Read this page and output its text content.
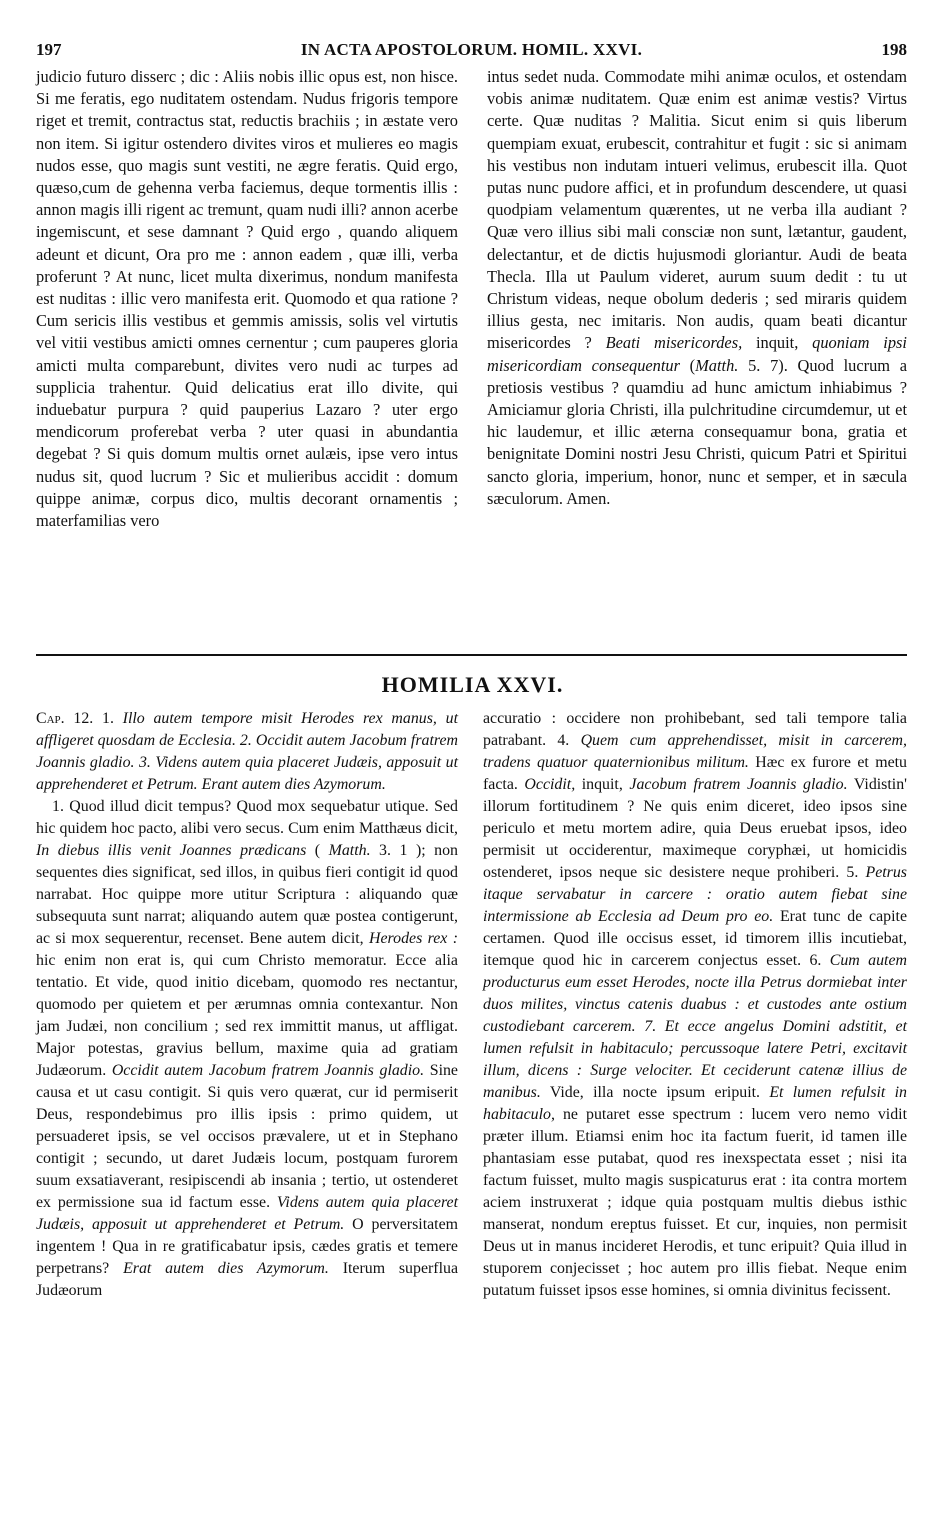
197	IN ACTA APOSTOLORUM. HOMIL. XXVI.	198

judicio futuro disserc ; dic : Aliis nobis illic opus est, non hisce. Si me feratis, ego nuditatem ostendam. Nudus frigoris tempore riget et tremit, contractus stat, reductis brachiis ; in æstate vero non item. Si igitur ostendero divites viros et mulieres eo magis nudos esse, quo magis sunt vestiti, ne ægre feratis. Quid ergo, quæso,cum de gehenna verba faciemus, deque tormentis illis : annon magis illi rigent ac tremunt, quam nudi illi? annon acerbe ingemiscunt, et sese damnant ? Quid ergo , quando aliquem adeunt et dicunt, Ora pro me : annon eadem , quæ illi, verba proferunt ? At nunc, licet multa dixerimus, nondum manifesta est nuditas : illic vero manifesta erit. Quomodo et qua ratione ? Cum sericis illis vestibus et gemmis amissis, solis vel virtutis vel vitii vestibus amicti omnes cernentur ; cum pauperes gloria amicti multa comparebunt, divites vero nudi ac turpes ad supplicia trahentur. Quid delicatius erat illo divite, qui induebatur purpura ? quid pauperius Lazaro ? uter ergo mendicorum proferebat verba ? uter quasi in abundantia degebat ? Si quis domum multis ornet aulæis, ipse vero intus nudus sit, quod lucrum ? Sic et mulieribus accidit : domum quippe animæ, corpus dico, multis decorant ornamentis ; materfamilias vero

intus sedet nuda. Commodate mihi animæ oculos, et ostendam vobis animæ nuditatem. Quæ enim est animæ vestis? Virtus certe. Quæ nuditas ? Malitia. Sicut enim si quis liberum quempiam exuat, erubescit, contrahitur et fugit : sic si animam his vestibus non indutam intueri velimus, erubescit illa. Quot putas nunc pudore affici, et in profundum descendere, ut quasi quodpiam velamentum quærentes, ut ne verba illa audiant ? Quæ vero illius sibi mali consciæ non sunt, lætantur, gaudent, delectantur, et de dictis hujusmodi gloriantur. Audi de beata Thecla. Illa ut Paulum videret, aurum suum dedit : tu ut Christum videas, neque obolum dederis ; sed miraris quidem illius gesta, nec imitaris. Non audis, quam beati dicantur misericordes ? Beati misericordes, inquit, quoniam ipsi misericordiam consequentur (Matth. 5. 7). Quod lucrum a pretiosis vestibus ? quamdiu ad hunc amictum inhiabimus ? Amiciamur gloria Christi, illa pulchritudine circumdemur, ut et hic laudemur, et illic æterna consequamur bona, gratia et benignitate Domini nostri Jesu Christi, quicum Patri et Spiritui sancto gloria, imperium, honor, nunc et semper, et in sæcula sæculorum. Amen.

HOMILIA XXVI.

Cap. 12. 1. Illo autem tempore misit Herodes rex manus, ut affligeret quosdam de Ecclesia. 2. Occidit autem Jacobum fratrem Joannis gladio. 3. Videns autem quia placeret Judæis, apposuit ut apprehenderet et Petrum. Erant autem dies Azymorum.

1. Quod illud dicit tempus? Quod mox sequebatur utique. Sed hic quidem hoc pacto, alibi vero secus. Cum enim Matthæus dicit, In diebus illis venit Joannes prædicans ( Matth. 3. 1 ); non sequentes dies significat, sed illos, in quibus fieri contigit id quod narrabat. Hoc quippe more utitur Scriptura : aliquando quæ subsequuta sunt narrat; aliquando autem quæ postea contigerunt, ac si mox sequerentur, recenset. Bene autem dicit, Herodes rex : hic enim non erat is, qui cum Christo memoratur. Ecce alia tentatio. Et vide, quod initio dicebam, quomodo res nectantur, quomodo per quietem et per ærumnas omnia contexantur. Non jam Judæi, non concilium ; sed rex immittit manus, ut affligat. Major potestas, gravius bellum, maxime quia ad gratiam Judæorum. Occidit autem Jacobum fratrem Joannis gladio. Sine causa et ut casu contigit. Si quis vero quærat, cur id permiserit Deus, respondebimus pro illis ipsis : primo quidem, ut persuaderet ipsis, se vel occisos prævalere, ut et in Stephano contigit ; secundo, ut daret Judæis locum, postquam furorem suum exsatiaverant, resipiscendi ab insania ; tertio, ut ostenderet ex permissione sua id factum esse. Videns autem quia placeret Judæis, apposuit ut apprehenderet et Petrum. O perversitatem ingentem ! Qua in re gratificabatur ipsis, cædes gratis et temere perpetrans? Erat autem dies Azymorum. Iterum superflua Judæorum

accuratio : occidere non prohibebant, sed tali tempore talia patrabant. 4. Quem cum apprehendisset, misit in carcerem, tradens quatuor quaternionibus militum. Hæc ex furore et metu facta. Occidit, inquit, Jacobum fratrem Joannis gladio. Vidistin' illorum fortitudinem ? Ne quis enim diceret, ideo ipsos sine periculo et metu mortem adire, quia Deus eruebat ipsos, ideo permisit ut occiderentur, maximeque coryphæi, ut homicidis ostenderet, ipsos neque sic desistere neque prohiberi. 5. Petrus itaque servabatur in carcere : oratio autem fiebat sine intermissione ab Ecclesia ad Deum pro eo. Erat tunc de capite certamen. Quod ille occisus esset, id timorem illis incutiebat, itemque quod hic in carcerem conjectus esset. 6. Cum autem producturus eum esset Herodes, nocte illa Petrus dormiebat inter duos milites, vinctus catenis duabus : et custodes ante ostium custodiebant carcerem. 7. Et ecce angelus Domini adstitit, et lumen refulsit in habitaculo; percussoque latere Petri, excitavit illum, dicens : Surge velociter. Et ceciderunt catenæ illius de manibus. Vide, illa nocte ipsum eripuit. Et lumen refulsit in habitaculo, ne putaret esse spectrum : lucem vero nemo vidit præter illum. Etiamsi enim hoc ita factum fuerit, id tamen ille phantasiam esse putabat, quod res inexspectata esset ; nisi ita factum fuisset, multo magis suspicaturus erat : ita contra mortem aciem instruxerat ; idque quia postquam multis diebus isthic manserat, nondum ereptus fuisset. Et cur, inquies, non permisit Deus ut in manus incideret Herodis, et tunc eripuit? Quia illud in stuporem conjecisset ; hoc autem pro illis fiebat. Neque enim putatum fuisset ipsos esse homines, si omnia divinitus fecissent.
